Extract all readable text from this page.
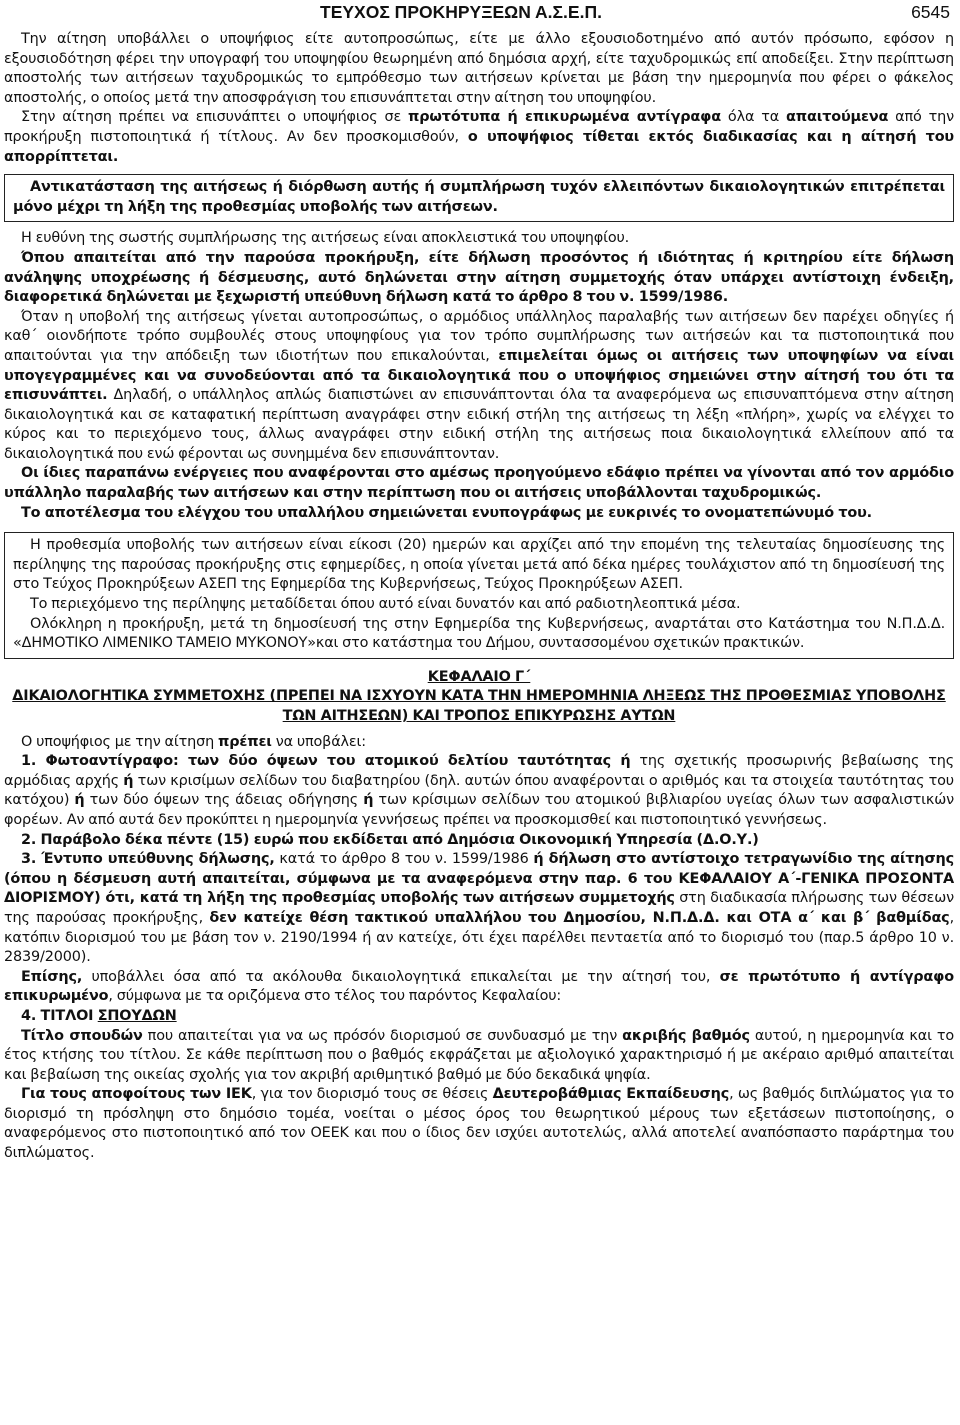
ΤΕΥΧΟΣ ΠΡΟΚΗΡΥΞΕΩΝ Α.Σ.Ε.Π.	6545

Την αίτηση υποβάλλει ο υποψήφιος είτε αυτοπροσώπως, είτε με άλλο εξουσιοδοτημένο από αυτόν πρόσωπο, εφόσον η εξουσιοδότηση φέρει την υπογραφή του υποψηφίου θεωρημένη από δημόσια αρχή, είτε ταχυδρομικώς επί αποδείξει. Στην περίπτωση αποστολής των αιτήσεων ταχυδρομικώς το εμπρόθεσμο των αιτήσεων κρίνεται με βάση την ημερομηνία που φέρει ο φάκελος αποστολής, ο οποίος μετά την αποσφράγιση του επισυνάπτεται στην αίτηση του υποψηφίου.

Στην αίτηση πρέπει να επισυνάπτει ο υποψήφιος σε πρωτότυπα ή επικυρωμένα αντίγραφα όλα τα απαιτούμενα από την προκήρυξη πιστοποιητικά ή τίτλους. Αν δεν προσκομισθούν, ο υποψήφιος τίθεται εκτός διαδικασίας και η αίτησή του απορρίπτεται.

Αντικατάσταση της αιτήσεως ή διόρθωση αυτής ή συμπλήρωση τυχόν ελλειπόντων δικαιολογητικών επιτρέπεται μόνο μέχρι τη λήξη της προθεσμίας υποβολής των αιτήσεων.

Η ευθύνη της σωστής συμπλήρωσης της αιτήσεως είναι αποκλειστικά του υποψηφίου.

Όπου απαιτείται από την παρούσα προκήρυξη, είτε δήλωση προσόντος ή ιδιότητας ή κριτηρίου είτε δήλωση ανάληψης υποχρέωσης ή δέσμευσης, αυτό δηλώνεται στην αίτηση συμμετοχής όταν υπάρχει αντίστοιχη ένδειξη, διαφορετικά δηλώνεται με ξεχωριστή υπεύθυνη δήλωση κατά το άρθρο 8 του ν. 1599/1986.

Όταν η υποβολή της αιτήσεως γίνεται αυτοπροσώπως, ο αρμόδιος υπάλληλος παραλαβής των αιτήσεων δεν παρέχει οδηγίες ή καθ΄ οιονδήποτε τρόπο συμβουλές στους υποψηφίους για τον τρόπο συμπλήρωσης των αιτήσεών και τα πιστοποιητικά που απαιτούνται για την απόδειξη των ιδιοτήτων που επικαλούνται, επιμελείται όμως οι αιτήσεις των υποψηφίων να είναι υπογεγραμμένες και να συνοδεύονται από τα δικαιολογητικά που ο υποψήφιος σημειώνει στην αίτησή του ότι τα επισυνάπτει. Δηλαδή, ο υπάλληλος απλώς διαπιστώνει αν επισυνάπτονται όλα τα αναφερόμενα ως επισυναπτόμενα στην αίτηση δικαιολογητικά και σε καταφατική περίπτωση αναγράφει στην ειδική στήλη της αιτήσεως τη λέξη «πλήρη», χωρίς να ελέγχει το κύρος και το περιεχόμενο τους, άλλως αναγράφει στην ειδική στήλη της αιτήσεως ποια δικαιολογητικά ελλείπουν από τα δικαιολογητικά που ενώ φέρονται ως συνημμένα δεν επισυνάπτονταν.

Οι ίδιες παραπάνω ενέργειες που αναφέρονται στο αμέσως προηγούμενο εδάφιο πρέπει να γίνονται από τον αρμόδιο υπάλληλο παραλαβής των αιτήσεων και στην περίπτωση που οι αιτήσεις υποβάλλονται ταχυδρομικώς.

Το αποτέλεσμα του ελέγχου του υπαλλήλου σημειώνεται ενυπογράφως με ευκρινές το ονοματεπώνυμό του.

Η προθεσμία υποβολής των αιτήσεων είναι είκοσι (20) ημερών και αρχίζει από την επομένη της τελευταίας δημοσίευσης της περίληψης της παρούσας προκήρυξης στις εφημερίδες, η οποία γίνεται μετά από δέκα ημέρες τουλάχιστον από τη δημοσίευσή της στο Τεύχος Προκηρύξεων ΑΣΕΠ της Εφημερίδα της Κυβερνήσεως, Τεύχος Προκηρύξεων ΑΣΕΠ.

Το περιεχόμενο της περίληψης μεταδίδεται όπου αυτό είναι δυνατόν και από ραδιοτηλεοπτικά μέσα.

Ολόκληρη η προκήρυξη, μετά τη δημοσίευσή της στην Εφημερίδα της Κυβερνήσεως, αναρτάται στο Κατάστημα του Ν.Π.Δ.Δ. «ΔΗΜΟΤΙΚΟ ΛΙΜΕΝΙΚΟ ΤΑΜΕΙΟ ΜΥΚΟΝΟΥ»και στο κατάστημα του Δήμου, συντασσομένου σχετικών πρακτικών.

ΚΕΦΑΛΑΙΟ Γ΄
ΔΙΚΑΙΟΛΟΓΗΤΙΚΑ ΣΥΜΜΕΤΟΧΗΣ (ΠΡΕΠΕΙ ΝΑ ΙΣΧΥΟΥΝ ΚΑΤΑ ΤΗΝ ΗΜΕΡΟΜΗΝΙΑ ΛΗΞΕΩΣ ΤΗΣ ΠΡΟΘΕΣΜΙΑΣ ΥΠΟΒΟΛΗΣ ΤΩΝ ΑΙΤΗΣΕΩΝ) ΚΑΙ ΤΡΟΠΟΣ ΕΠΙΚΥΡΩΣΗΣ ΑΥΤΩΝ

Ο υποψήφιος με την αίτηση πρέπει να υποβάλει:

1. Φωτοαντίγραφο: των δύο όψεων του ατομικού δελτίου ταυτότητας ή της σχετικής προσωρινής βεβαίωσης της αρμόδιας αρχής ή των κρισίμων σελίδων του διαβατηρίου (δηλ. αυτών όπου αναφέρονται ο αριθμός και τα στοιχεία ταυτότητας του κατόχου) ή των δύο όψεων της άδειας οδήγησης ή των κρίσιμων σελίδων του ατομικού βιβλιαρίου υγείας όλων των ασφαλιστικών φορέων. Αν από αυτά δεν προκύπτει η ημερομηνία γεννήσεως πρέπει να προσκομισθεί και πιστοποιητικό γεννήσεως.

2. Παράβολο δέκα πέντε (15) ευρώ που εκδίδεται από Δημόσια Οικονομική Υπηρεσία (Δ.Ο.Υ.)

3. Έντυπο υπεύθυνης δήλωσης, κατά το άρθρο 8 του ν. 1599/1986 ή δήλωση στο αντίστοιχο τετραγωνίδιο της αίτησης (όπου η δέσμευση αυτή απαιτείται, σύμφωνα με τα αναφερόμενα στην παρ. 6 του ΚΕΦΑΛΑΙΟΥ Α΄-ΓΕΝΙΚΑ ΠΡΟΣΟΝΤΑ ΔΙΟΡΙΣΜΟΥ) ότι, κατά τη λήξη της προθεσμίας υποβολής των αιτήσεων συμμετοχής στη διαδικασία πλήρωσης των θέσεων της παρούσας προκήρυξης, δεν κατείχε θέση τακτικού υπαλλήλου του Δημοσίου, Ν.Π.Δ.Δ. και ΟΤΑ α΄ και β΄ βαθμίδας, κατόπιν διορισμού του με βάση τον ν. 2190/1994 ή αν κατείχε, ότι έχει παρέλθει πενταετία από το διορισμό του (παρ.5 άρθρο 10 ν. 2839/2000).

Επίσης, υποβάλλει όσα από τα ακόλουθα δικαιολογητικά επικαλείται με την αίτησή του, σε πρωτότυπο ή αντίγραφο επικυρωμένο, σύμφωνα με τα οριζόμενα στο τέλος του παρόντος Κεφαλαίου:

4. ΤΙΤΛΟΙ ΣΠΟΥΔΩΝ

Τίτλο σπουδών που απαιτείται για να ως πρόσόν διορισμού σε συνδυασμό με την ακριβής βαθμός αυτού, η ημερομηνία και το έτος κτήσης του τίτλου. Σε κάθε περίπτωση που ο βαθμός εκφράζεται με αξιολογικό χαρακτηρισμό ή με ακέραιο αριθμό απαιτείται και βεβαίωση της οικείας σχολής για τον ακριβή αριθμητικό βαθμό με δύο δεκαδικά ψηφία.

Για τους αποφοίτους των ΙΕΚ, για τον διορισμό τους σε θέσεις Δευτεροβάθμιας Εκπαίδευσης, ως βαθμός διπλώματος για το διορισμό τη πρόσληψη στο δημόσιο τομέα, νοείται ο μέσος όρος του θεωρητικού μέρους των εξετάσεων πιστοποίησης, ο αναφερόμενος στο πιστοποιητικό από τον ΟΕΕΚ και που ο ίδιος δεν ισχύει αυτοτελώς, αλλά αποτελεί αναπόσπαστο παράρτημα του διπλώματος.
